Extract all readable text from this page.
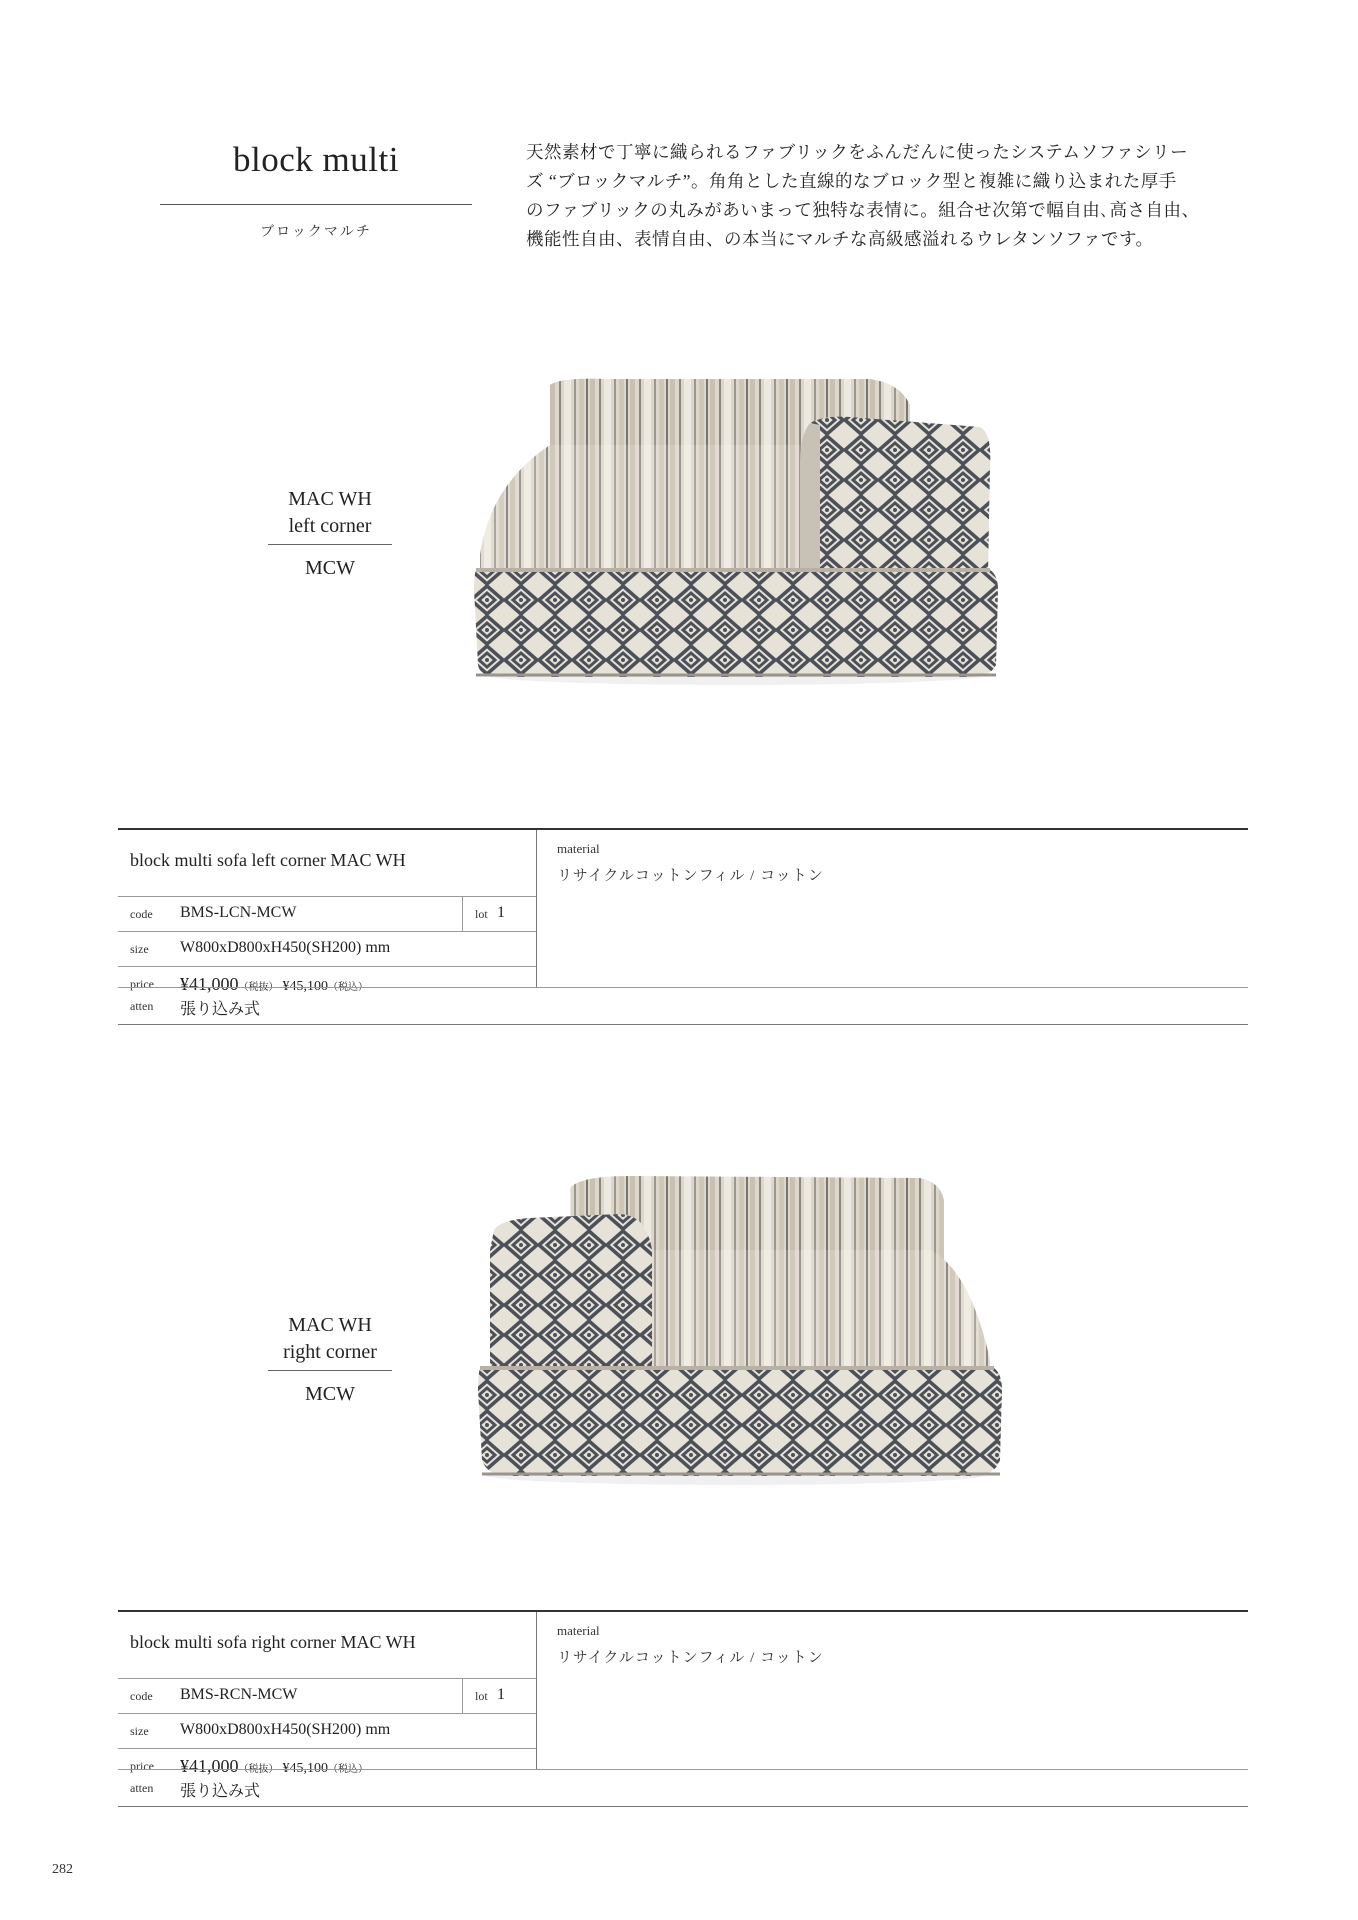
block multi
ブロックマルチ
天然素材で丁寧に織られるファブリックをふんだんに使ったシステムソファシリー
ズ “ブロックマルチ”。角角とした直線的なブロック型と複雑に織り込まれた厚手
のファブリックの丸みがあいまって独特な表情に。組合せ次第で幅自由､高さ自由、
機能性自由、表情自由、の本当にマルチな高級感溢れるウレタンソファです。
MAC WH
left corner
MCW
block multi sofa left corner MAC WH
code BMS-LCN-MCW	lot 1
size W800xD800xH450(SH200) mm
price ¥41,000（税抜） ¥45,100（税込）
material
リサイクルコットンフィル / コットン
atten 張り込み式
MAC WH
right corner
MCW
block multi sofa right corner MAC WH
code BMS-RCN-MCW	lot 1
size W800xD800xH450(SH200) mm
price ¥41,000（税抜） ¥45,100（税込）
material
リサイクルコットンフィル / コットン
atten 張り込み式
282
